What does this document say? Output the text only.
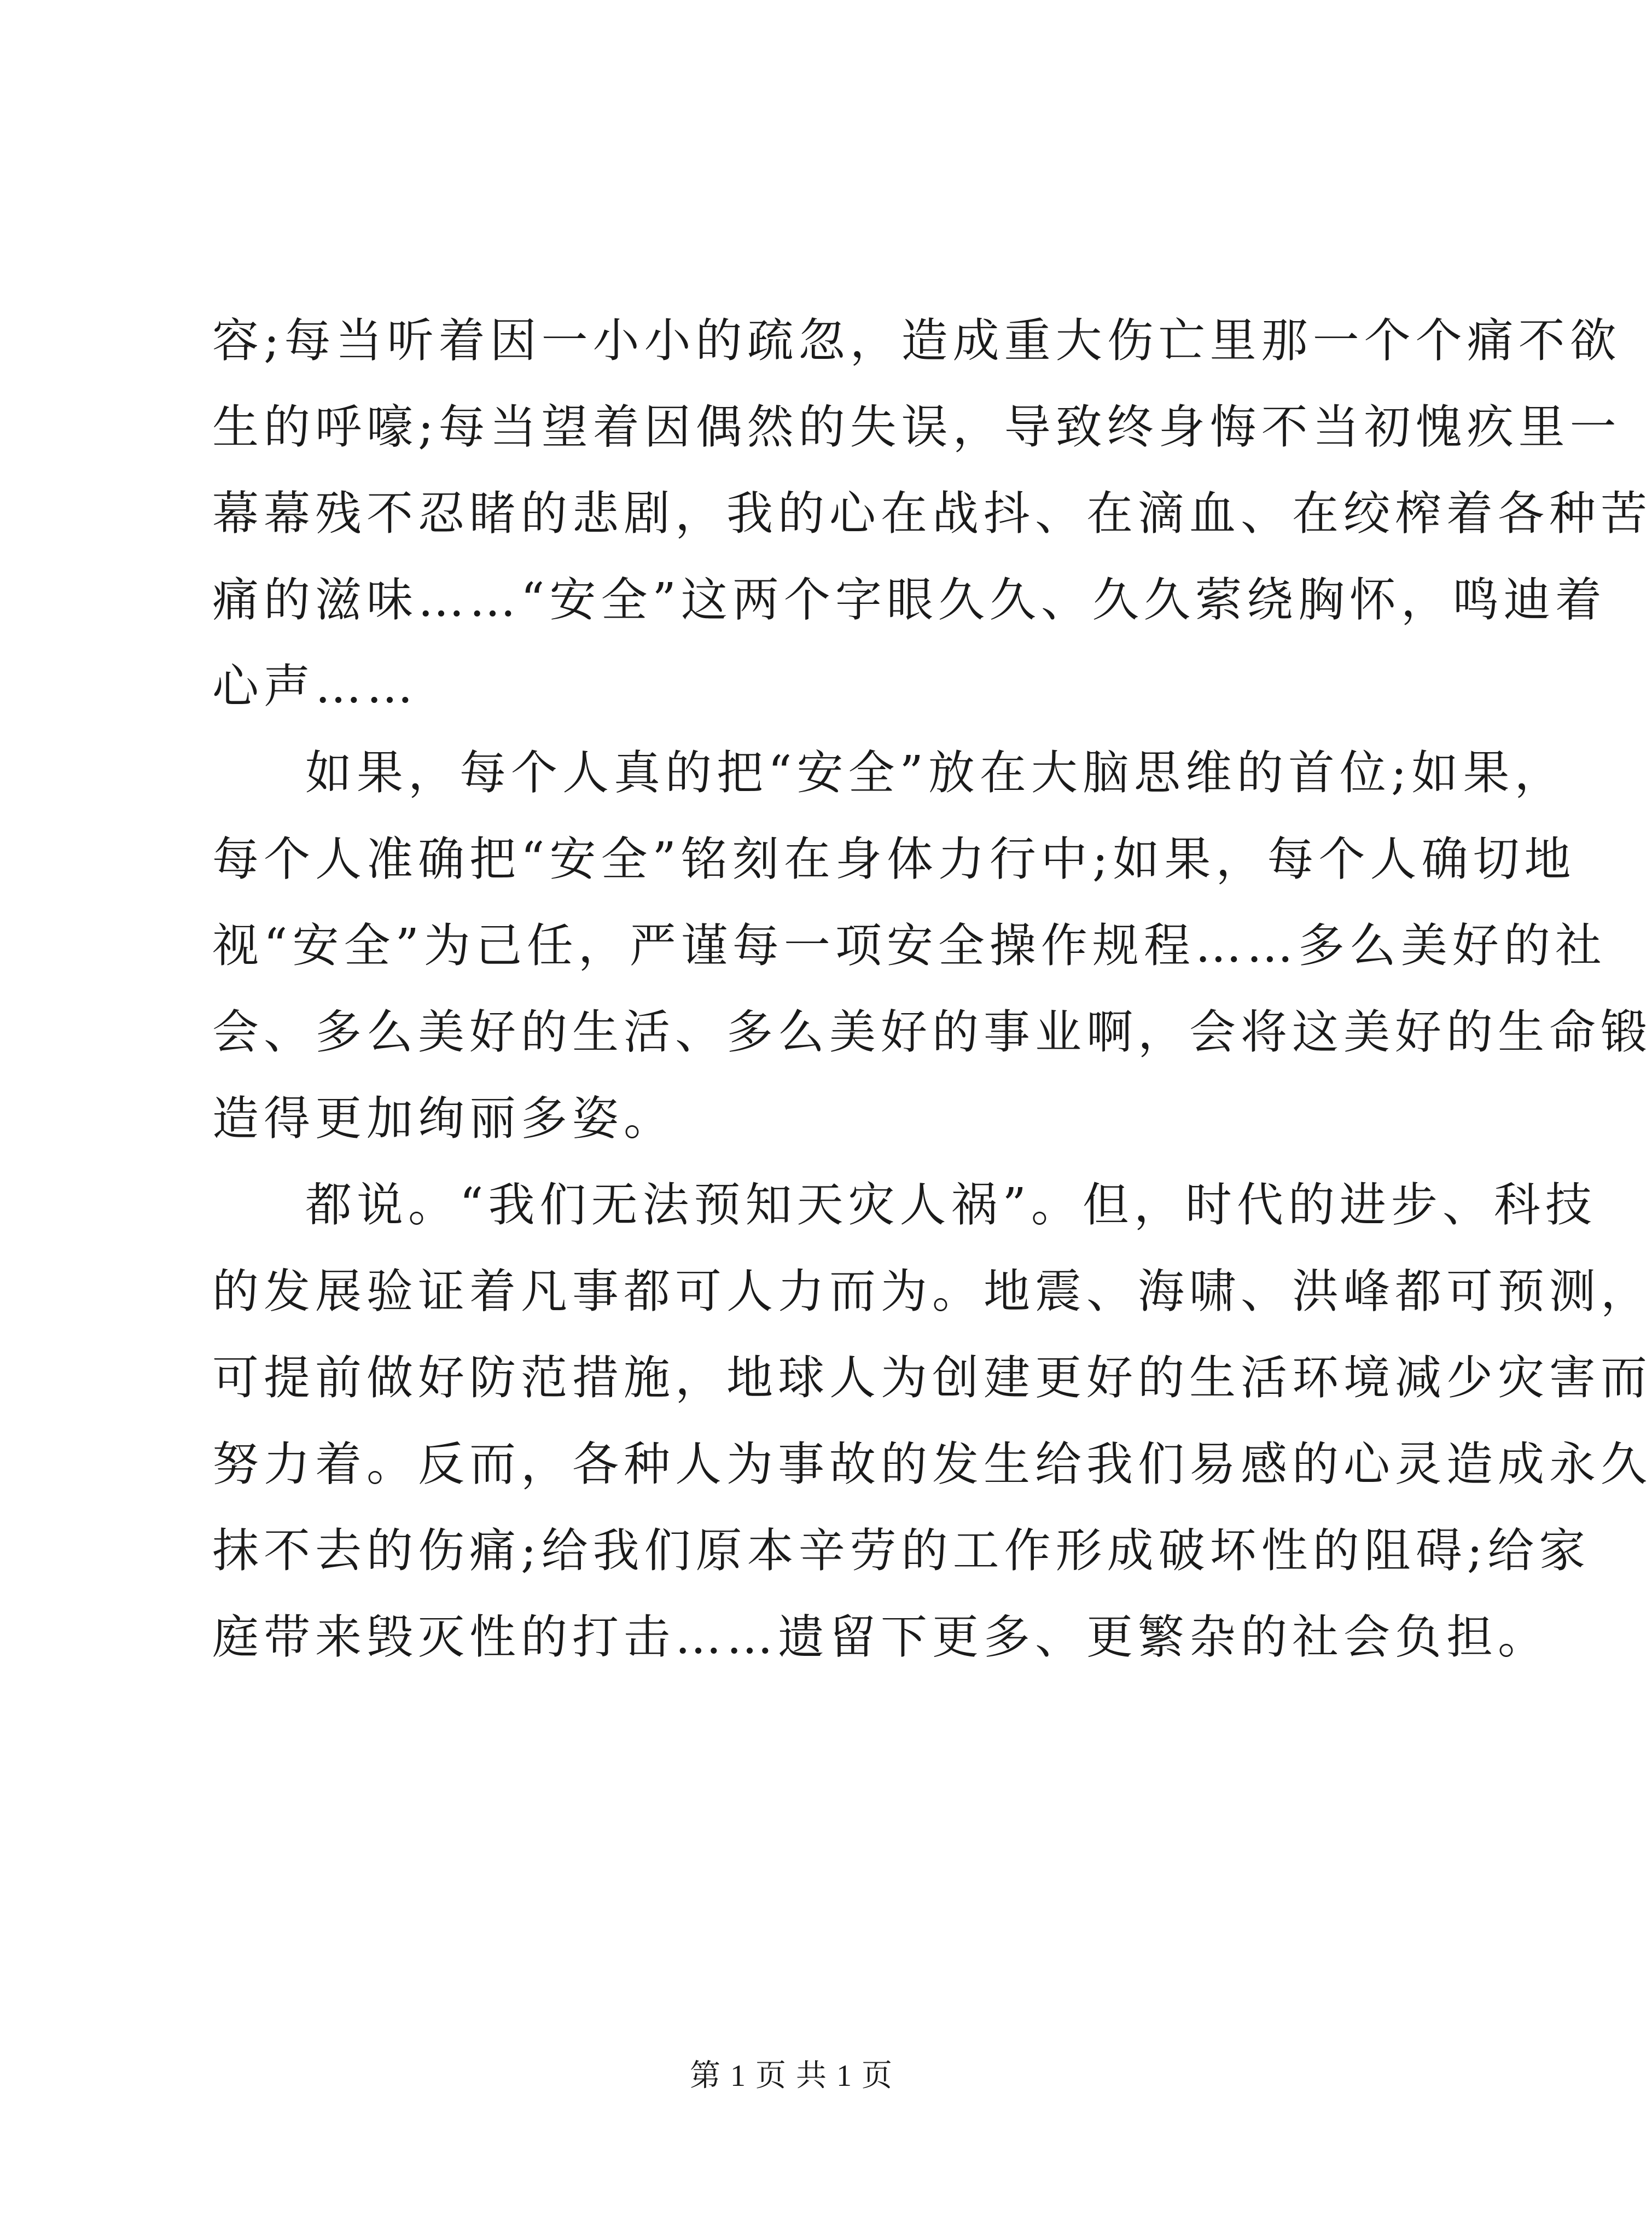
容;每当听着因一小小的疏忽，造成重大伤亡里那一个个痛不欲
生的呼嚎;每当望着因偶然的失误，导致终身悔不当初愧疚里一
幕幕残不忍睹的悲剧，我的心在战抖、在滴血、在绞榨着各种苦
痛的滋味……“安全”这两个字眼久久、久久萦绕胸怀，鸣迪着
心声……
如果，每个人真的把“安全”放在大脑思维的首位;如果，
每个人准确把“安全”铭刻在身体力行中;如果，每个人确切地
视“安全”为己任，严谨每一项安全操作规程……多么美好的社
会、多么美好的生活、多么美好的事业啊，会将这美好的生命锻
造得更加绚丽多姿。
都说。“我们无法预知天灾人祸”。但，时代的进步、科技
的发展验证着凡事都可人力而为。地震、海啸、洪峰都可预测，
可提前做好防范措施，地球人为创建更好的生活环境减少灾害而
努力着。反而，各种人为事故的发生给我们易感的心灵造成永久
抹不去的伤痛;给我们原本辛劳的工作形成破坏性的阻碍;给家
庭带来毁灭性的打击……遗留下更多、更繁杂的社会负担。
第 1 页 共 1 页
